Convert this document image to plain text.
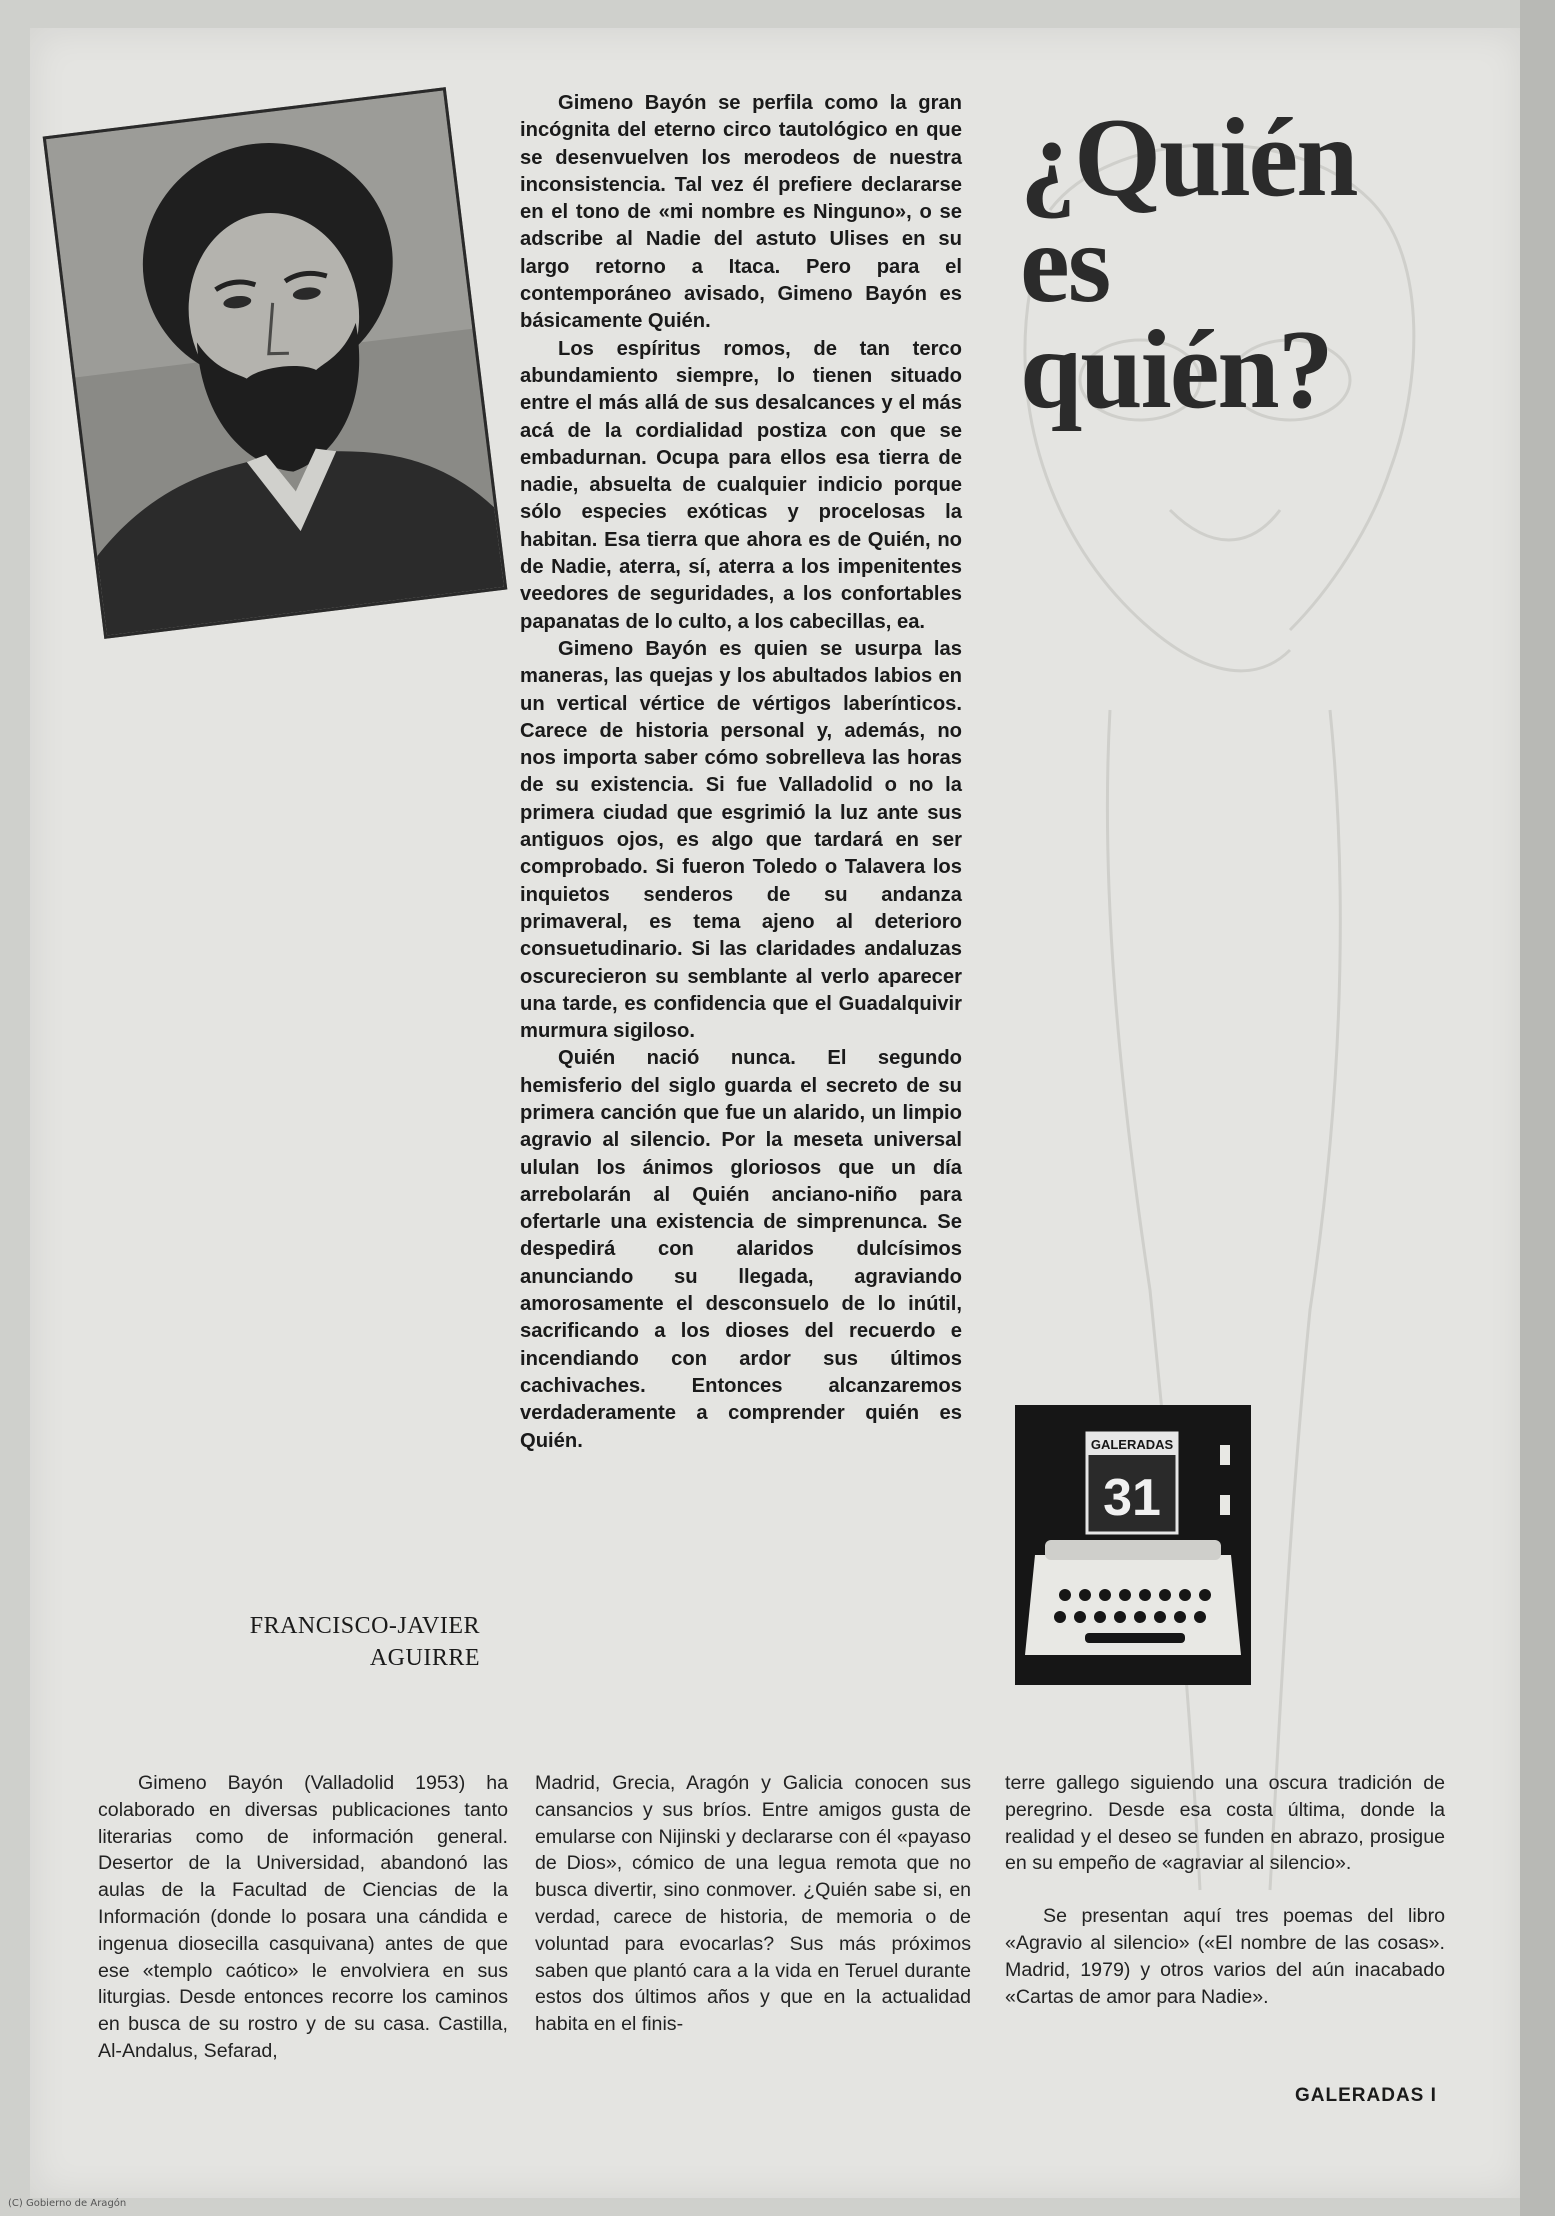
Gimeno Bayón se perfila como la gran incógnita del eterno circo tautológico en que se desenvuelven los merodeos de nuestra inconsistencia. Tal vez él prefiere declararse en el tono de «mi nombre es Ninguno», o se adscribe al Nadie del astuto Ulises en su largo retorno a Itaca. Pero para el contemporáneo avisado, Gimeno Bayón es básicamente Quién.

Los espíritus romos, de tan terco abundamiento siempre, lo tienen situado entre el más allá de sus desalcances y el más acá de la cordialidad postiza con que se embadurnan. Ocupa para ellos esa tierra de nadie, absuelta de cualquier indicio porque sólo especies exóticas y procelosas la habitan. Esa tierra que ahora es de Quién, no de Nadie, aterra, sí, aterra a los impenitentes veedores de seguridades, a los confortables papanatas de lo culto, a los cabecillas, ea.

Gimeno Bayón es quien se usurpa las maneras, las quejas y los abultados labios en un vertical vértice de vértigos laberínticos. Carece de historia personal y, además, no nos importa saber cómo sobrelleva las horas de su existencia. Si fue Valladolid o no la primera ciudad que esgrimió la luz ante sus antiguos ojos, es algo que tardará en ser comprobado. Si fueron Toledo o Talavera los inquietos senderos de su andanza primaveral, es tema ajeno al deterioro consuetudinario. Si las claridades andaluzas oscurecieron su semblante al verlo aparecer una tarde, es confidencia que el Guadalquivir murmura sigiloso.

Quién nació nunca. El segundo hemisferio del siglo guarda el secreto de su primera canción que fue un alarido, un limpio agravio al silencio. Por la meseta universal ululan los ánimos gloriosos que un día arrebolarán al Quién anciano-niño para ofertarle una existencia de simprenunca. Se despedirá con alaridos dulcísimos anunciando su llegada, agraviando amorosamente el desconsuelo de lo inútil, sacrificando a los dioses del recuerdo e incendiando con ardor sus últimos cachivaches. Entonces alcanzaremos verdaderamente a comprender quién es Quién.

¿Quién
es
quién?
GALERADAS
31
FRANCISCO-JAVIER
AGUIRRE

Gimeno Bayón (Valladolid 1953) ha colaborado en diversas publicaciones tanto literarias como de información general. Desertor de la Universidad, abandonó las aulas de la Facultad de Ciencias de la Información (donde lo posara una cándida e ingenua diosecilla casquivana) antes de que ese «templo caótico» le envolviera en sus liturgias. Desde entonces recorre los caminos en busca de su rostro y de su casa. Castilla, Al-Andalus, Sefarad,

Madrid, Grecia, Aragón y Galicia conocen sus cansancios y sus bríos. Entre amigos gusta de emularse con Nijinski y declararse con él «payaso de Dios», cómico de una legua remota que no busca divertir, sino conmover. ¿Quién sabe si, en verdad, carece de historia, de memoria o de voluntad para evocarlas? Sus más próximos saben que plantó cara a la vida en Teruel durante estos dos últimos años y que en la actualidad habita en el finis-

terre gallego siguiendo una oscura tradición de peregrino. Desde esa costa última, donde la realidad y el deseo se funden en abrazo, prosigue en su empeño de «agraviar al silencio».

Se presentan aquí tres poemas del libro «Agravio al silencio» («El nombre de las cosas». Madrid, 1979) y otros varios del aún inacabado «Cartas de amor para Nadie».

GALERADAS I
(C) Gobierno de Aragón
